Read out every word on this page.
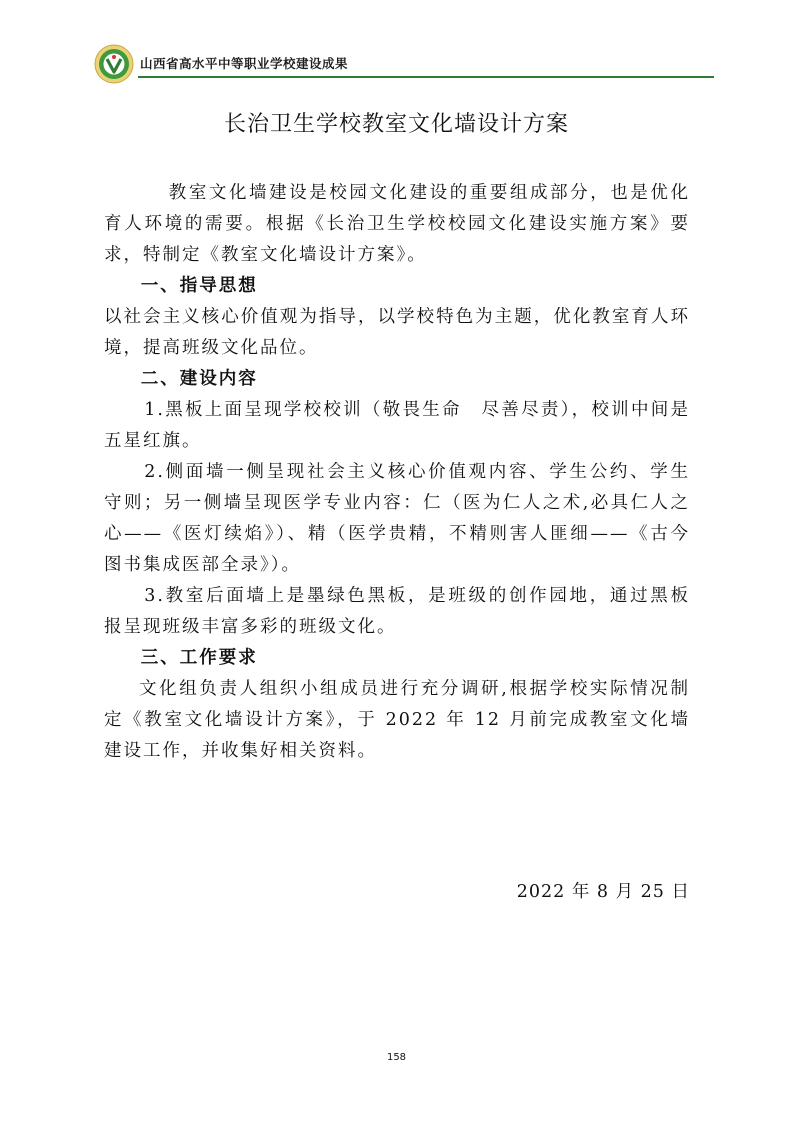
山西省高水平中等职业学校建设成果
长治卫生学校教室文化墙设计方案

教室文化墙建设是校园文化建设的重要组成部分，也是优化育人环境的需要。根据《长治卫生学校校园文化建设实施方案》要求，特制定《教室文化墙设计方案》。

一、指导思想

以社会主义核心价值观为指导，以学校特色为主题，优化教室育人环境，提高班级文化品位。

二、建设内容

1.黑板上面呈现学校校训（敬畏生命　尽善尽责），校训中间是五星红旗。

2.侧面墙一侧呈现社会主义核心价值观内容、学生公约、学生守则；另一侧墙呈现医学专业内容：仁（医为仁人之术,必具仁人之心——《医灯续焰》）、精（医学贵精，不精则害人匪细——《古今图书集成医部全录》）。

3.教室后面墙上是墨绿色黑板，是班级的创作园地，通过黑板报呈现班级丰富多彩的班级文化。

三、工作要求

文化组负责人组织小组成员进行充分调研,根据学校实际情况制定《教室文化墙设计方案》，于 2022 年 12 月前完成教室文化墙建设工作，并收集好相关资料。

2022 年 8 月 25 日
158
